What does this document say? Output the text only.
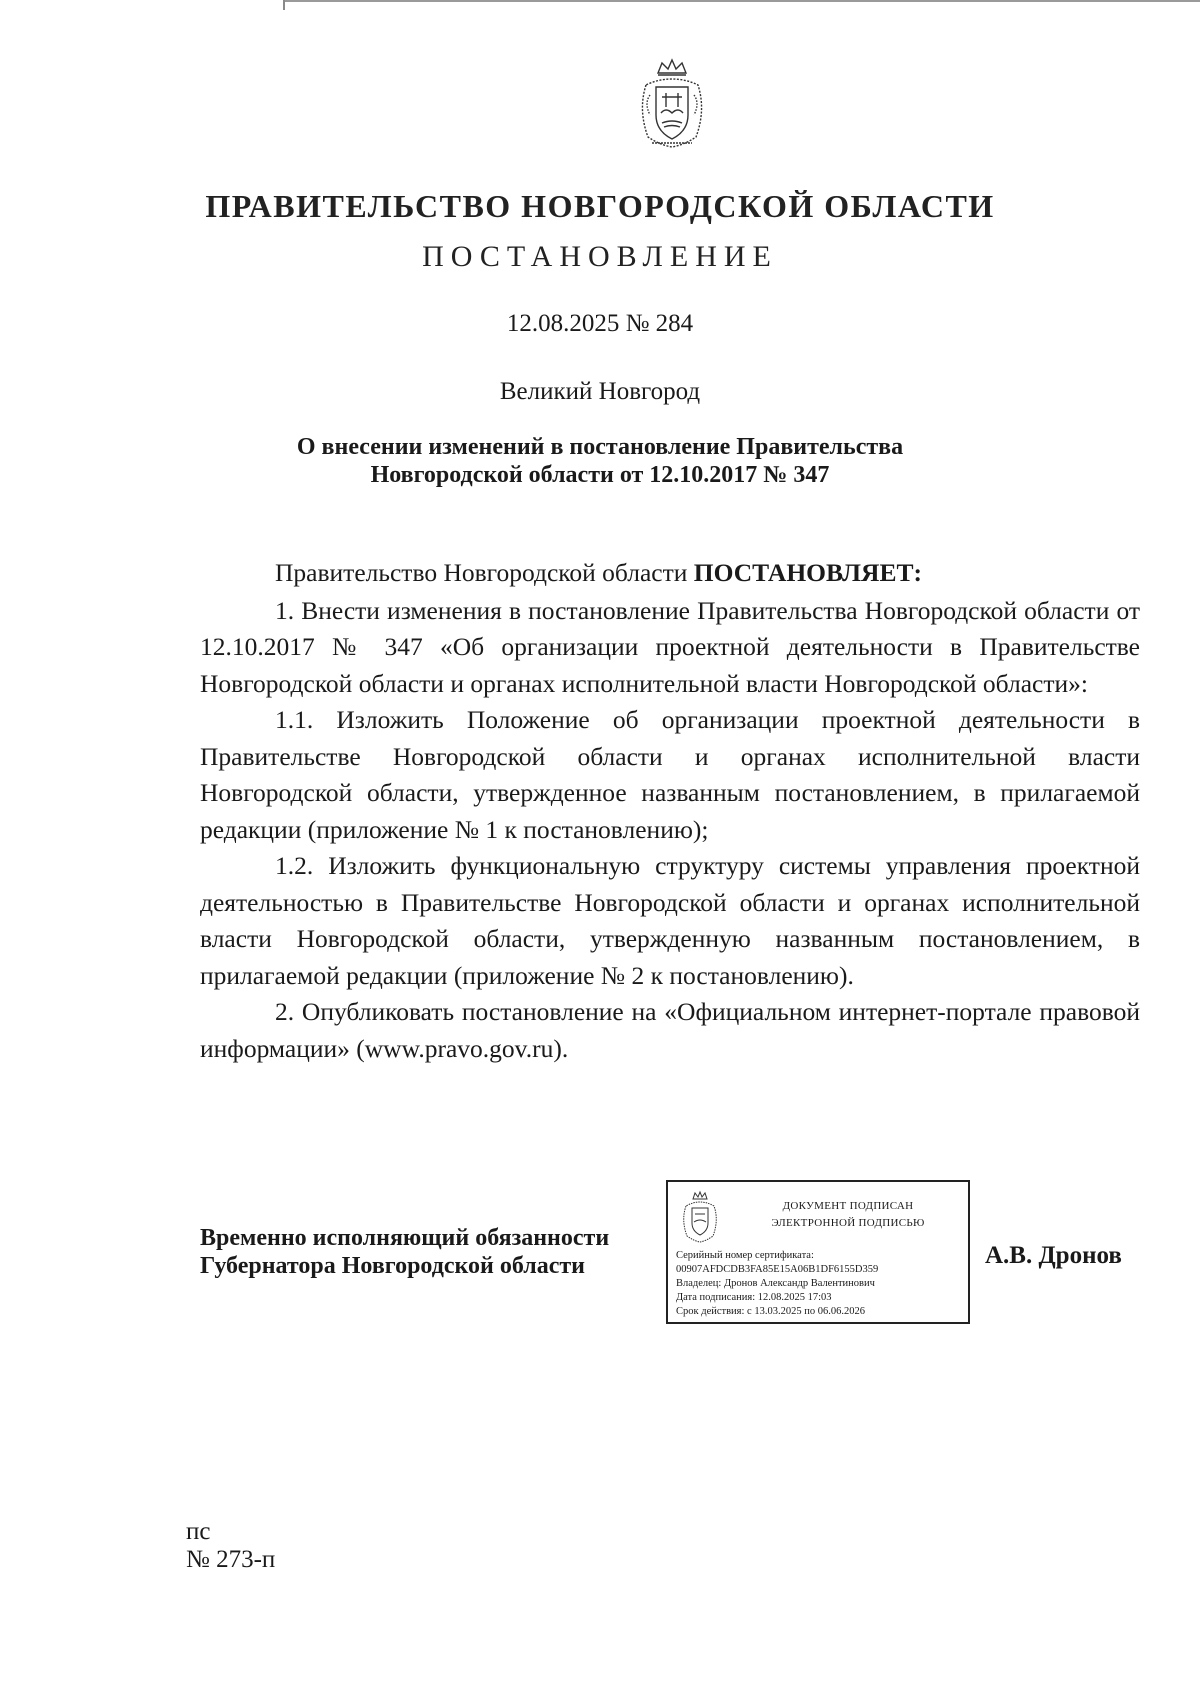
ПРАВИТЕЛЬСТВО НОВГОРОДСКОЙ ОБЛАСТИ
ПОСТАНОВЛЕНИЕ
12.08.2025 № 284
Великий Новгород
О внесении изменений в постановление Правительства
Новгородской области от 12.10.2017 № 347

Правительство Новгородской области ПОСТАНОВЛЯЕТ:

1. Внести изменения в постановление Правительства Новгородской области от 12.10.2017 № 347 «Об организации проектной деятельности в Правительстве Новгородской области и органах исполнительной власти Новгородской области»:

1.1. Изложить Положение об организации проектной деятельности в Правительстве Новгородской области и органах исполнительной власти Новгородской области, утвержденное названным постановлением, в прилагаемой редакции (приложение № 1 к постановлению);

1.2. Изложить функциональную структуру системы управления проектной деятельностью в Правительстве Новгородской области и органах исполнительной власти Новгородской области, утвержденную названным постановлением, в прилагаемой редакции (приложение № 2 к постановлению).

2. Опубликовать постановление на «Официальном интернет-портале правовой информации» (www.pravo.gov.ru).

Временно исполняющий обязанности
Губернатора Новгородской области
ДОКУМЕНТ ПОДПИСАН
ЭЛЕКТРОННОЙ ПОДПИСЬЮ
Серийный номер сертификата:
00907AFDCDB3FA85E15A06B1DF6155D359
Владелец: Дронов Александр Валентинович
Дата подписания: 12.08.2025 17:03
Срок действия: с 13.03.2025 по 06.06.2026
А.В. Дронов
пс
№ 273-п
